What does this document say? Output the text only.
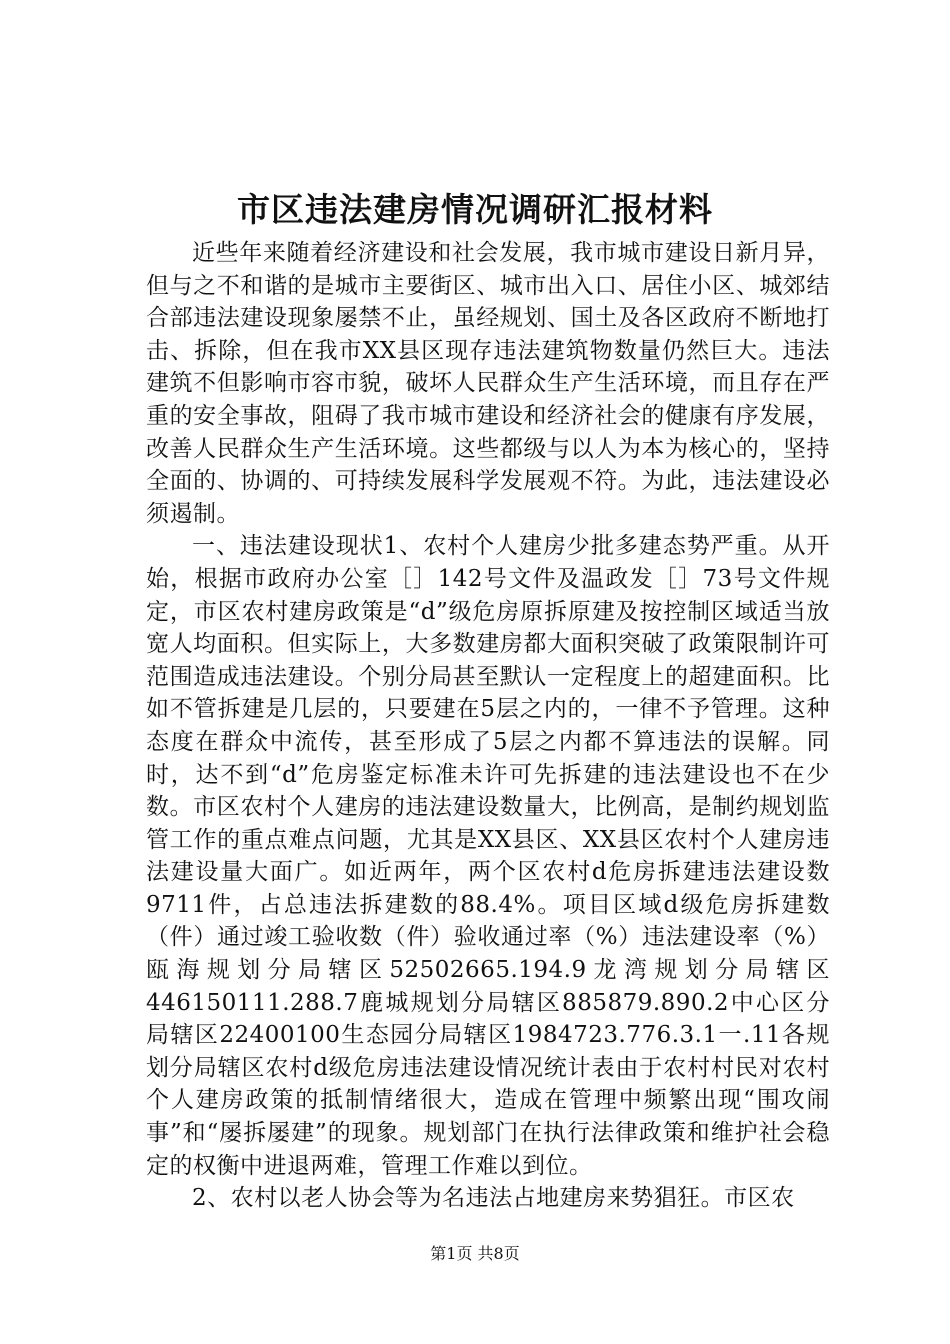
市区违法建房情况调研汇报材料

近些年来随着经济建设和社会发展，我市城市建设日新月异，但与之不和谐的是城市主要街区、城市出入口、居住小区、城郊结合部违法建设现象屡禁不止，虽经规划、国土及各区政府不断地打击、拆除，但在我市XX县区现存违法建筑物数量仍然巨大。违法建筑不但影响市容市貌，破坏人民群众生产生活环境，而且存在严重的安全事故，阻碍了我市城市建设和经济社会的健康有序发展，改善人民群众生产生活环境。这些都级与以人为本为核心的，坚持全面的、协调的、可持续发展科学发展观不符。为此，违法建设必须遏制。

一、违法建设现状1、农村个人建房少批多建态势严重。从开始，根据市政府办公室［］142号文件及温政发［］73号文件规定，市区农村建房政策是“d”级危房原拆原建及按控制区域适当放宽人均面积。但实际上，大多数建房都大面积突破了政策限制许可范围造成违法建设。个别分局甚至默认一定程度上的超建面积。比如不管拆建是几层的，只要建在5层之内的，一律不予管理。这种态度在群众中流传，甚至形成了5层之内都不算违法的误解。同时，达不到“d”危房鉴定标准未许可先拆建的违法建设也不在少数。市区农村个人建房的违法建设数量大，比例高，是制约规划监管工作的重点难点问题，尤其是XX县区、XX县区农村个人建房违法建设量大面广。如近两年，两个区农村d危房拆建违法建设数9711件，占总违法拆建数的88.4%。项目区域d级危房拆建数（件）通过竣工验收数（件）验收通过率（%）违法建设率（%）瓯海规划分局辖区52502665.194.9龙湾规划分局辖区446150111.288.7鹿城规划分局辖区885879.890.2中心区分局辖区22400100生态园分局辖区1984723.776.3.1一.11各规划分局辖区农村d级危房违法建设情况统计表由于农村村民对农村个人建房政策的抵制情绪很大，造成在管理中频繁出现“围攻闹事”和“屡拆屡建”的现象。规划部门在执行法律政策和维护社会稳定的权衡中进退两难，管理工作难以到位。

2、农村以老人协会等为名违法占地建房来势猖狂。市区农

第1页 共8页
